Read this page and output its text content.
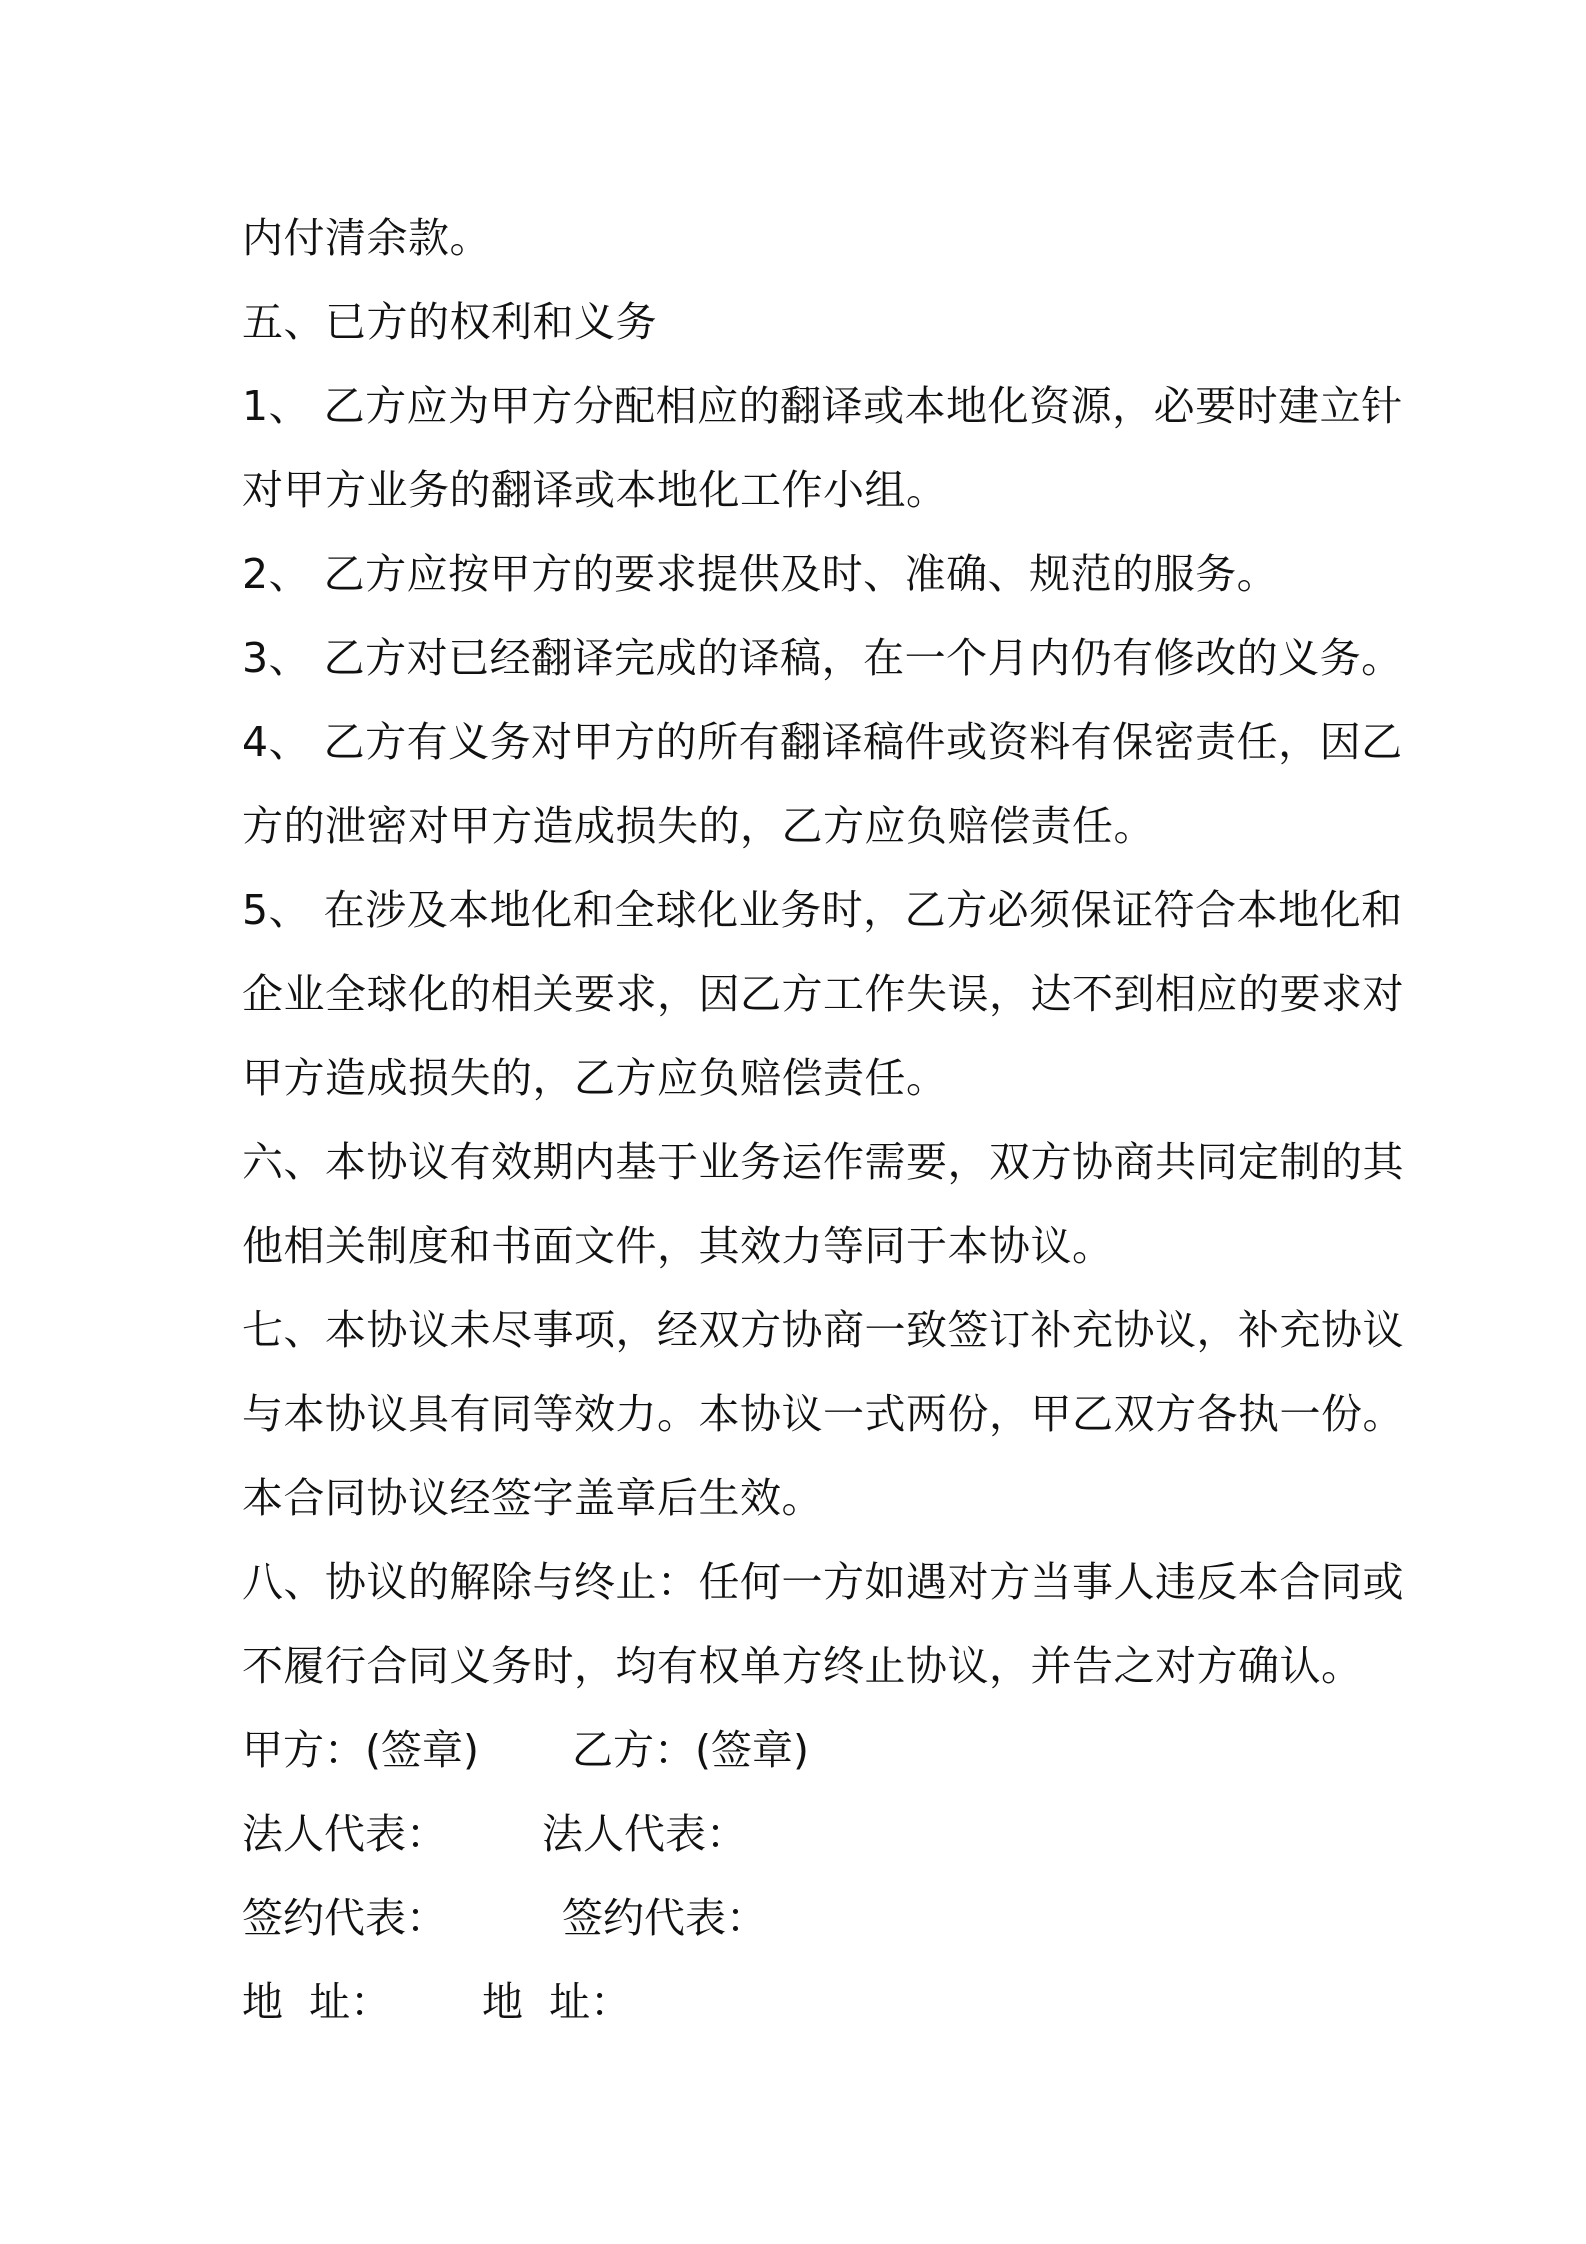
内付清余款。
五、已方的权利和义务
1、 乙方应为甲方分配相应的翻译或本地化资源，必要时建立针
对甲方业务的翻译或本地化工作小组。
2、 乙方应按甲方的要求提供及时、准确、规范的服务。
3、 乙方对已经翻译完成的译稿，在一个月内仍有修改的义务。
4、 乙方有义务对甲方的所有翻译稿件或资料有保密责任，因乙
方的泄密对甲方造成损失的，乙方应负赔偿责任。
5、 在涉及本地化和全球化业务时，乙方必须保证符合本地化和
企业全球化的相关要求，因乙方工作失误，达不到相应的要求对
甲方造成损失的，乙方应负赔偿责任。
六、本协议有效期内基于业务运作需要，双方协商共同定制的其
他相关制度和书面文件，其效力等同于本协议。
七、本协议未尽事项，经双方协商一致签订补充协议，补充协议
与本协议具有同等效力。本协议一式两份，甲乙双方各执一份。
本合同协议经签字盖章后生效。
八、协议的解除与终止：任何一方如遇对方当事人违反本合同或
不履行合同义务时，均有权单方终止协议，并告之对方确认。
甲方：(签章) 乙方：(签章)
法人代表： 法人代表：
签约代表：	签约代表：
地  址： 地  址：
